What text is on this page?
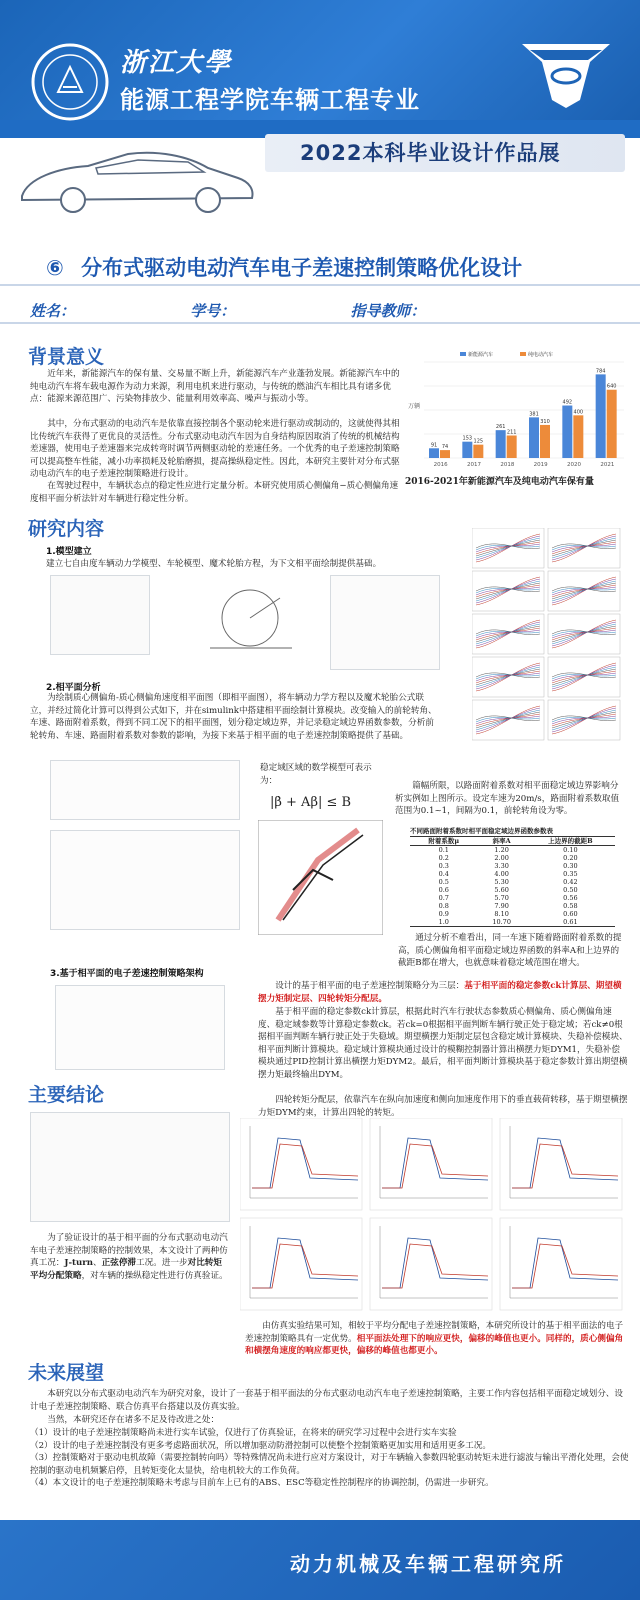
浙江大學
能源工程学院车辆工程专业
2022本科毕业设计作品展
⑥ 分布式驱动电动汽车电子差速控制策略优化设计
姓名：	学号：	指导教师：
背景意义
近年来，新能源汽车的保有量、交易量不断上升，新能源汽车产业蓬勃发展。新能源汽车中的纯电动汽车将车载电源作为动力来源，利用电机来进行驱动，与传统的燃油汽车相比具有诸多优点：能源来源范围广、污染物排放少、能量利用效率高、噪声与振动小等。
其中，分布式驱动的电动汽车是依靠直接控制各个驱动轮来进行驱动或制动的，这就使得其相比传统汽车获得了更优良的灵活性。分布式驱动电动汽车因为自身结构原因取消了传统的机械结构差速器，使用电子差速器来完成转弯时调节两侧驱动轮的差速任务。一个优秀的电子差速控制策略可以提高整车性能，减小功率损耗及轮胎磨损，提高操纵稳定性。因此，本研究主要针对分布式驱动电动汽车的电子差速控制策略进行设计。
在驾驶过程中，车辆状态点的稳定性应进行定量分析。本研究使用质心侧偏角−质心侧偏角速度相平面分析法针对车辆进行稳定性分析。
万辆
91 74
2016
153 125
2017
261
211
2018
381
310
2019
492
400
2020
784
640
2021
新能源汽车	纯电动汽车
2016-2021年新能源汽车及纯电动汽车保有量
研究内容
1.模型建立
建立七自由度车辆动力学模型、车轮模型、魔术轮胎方程，为下文相平面绘制提供基础。
2.相平面分析
为绘制质心侧偏角-质心侧偏角速度相平面图（即相平面图），将车辆动力学方程以及魔术轮胎公式联立，并经过简化计算可以得到公式如下，并在simulink中搭建相平面绘制计算模块。改变输入的前轮转角、车速、路面附着系数，得到不同工况下的相平面图，划分稳定域边界，并记录稳定域边界函数参数，分析前轮转角、车速、路面附着系数对参数的影响，为接下来基于相平面的电子差速控制策略提供了基础。
稳定域区域的数学模型可表示为：
|β̇ + Aβ| ≤ B
篇幅所限，以路面附着系数对相平面稳定域边界影响分析实例如上图所示。设定车速为20m/s，路面附着系数取值范围为0.1~1，间隔为0.1，前轮转角设为零。
不同路面附着系数时相平面稳定域边界函数参数表
附着系数μ	斜率A	上边界的截距B
0.1	1.20	0.10
0.2	2.00	0.20
0.3	3.30	0.30
0.4	4.00	0.35
0.5	5.30	0.42
0.6	5.60	0.50
0.7	5.70	0.56
0.8	7.90	0.58
0.9	8.10	0.60
1.0	10.70	0.61
通过分析不难看出，同一车速下随着路面附着系数的提高，质心侧偏角相平面稳定域边界函数的斜率A和上边界的截距B都在增大，也就意味着稳定域范围在增大。
3.基于相平面的电子差速控制策略架构
设计的基于相平面的电子差速控制策略分为三层：基于相平面的稳定参数ck计算层、期望横摆力矩制定层、四轮转矩分配层。
基于相平面的稳定参数ck计算层，根据此时汽车行驶状态参数质心侧偏角、质心侧偏角速度、稳定域参数等计算稳定参数ck。若ck=0根据相平面判断车辆行驶正处于稳定域；若ck≠0根据相平面判断车辆行驶正处于失稳域。期望横摆力矩制定层包含稳定域计算模块、失稳补偿模块、相平面判断计算模块。稳定域计算模块通过设计的模糊控制器计算出横摆力矩DYM1，失稳补偿模块通过PID控制计算出横摆力矩DYM2。最后，相平面判断计算模块基于稳定参数计算出期望横摆力矩最终输出DYM。
四轮转矩分配层，依靠汽车在纵向加速度和侧向加速度作用下的垂直载荷转移，基于期望横摆力矩DYM约束，计算出四轮的转矩。
主要结论
为了验证设计的基于相平面的分布式驱动电动汽车电子差速控制策略的控制效果，本文设计了两种仿真工况：J-turn、正弦停滞工况。进一步对比转矩平均分配策略，对车辆的操纵稳定性进行仿真验证。
由仿真实验结果可知，相较于平均分配电子差速控制策略，本研究所设计的基于相平面法的电子差速控制策略具有一定优势。相平面法处理下的响应更快，偏移的峰值也更小。同样的，质心侧偏角和横摆角速度的响应都更快，偏移的峰值也都更小。
未来展望
本研究以分布式驱动电动汽车为研究对象，设计了一套基于相平面法的分布式驱动电动汽车电子差速控制策略，主要工作内容包括相平面稳定域划分、设计电子差速控制策略、联合仿真平台搭建以及仿真实验。
当然，本研究还存在诸多不足及待改进之处：
（1）设计的电子差速控制策略尚未进行实车试验，仅进行了仿真验证，在将来的研究学习过程中会进行实车实验
（2）设计的电子差速控制没有更多考虑路面状况，所以增加驱动防滑控制可以使整个控制策略更加实用和适用更多工况。
（3）控制策略对于驱动电机故障（需要控制转向吗）等特殊情况尚未进行应对方案设计，对于车辆输入参数四轮驱动转矩未进行滤波与输出平滑化处理，会使控制的驱动电机频繁启停，且转矩变化太显快，给电机较大的工作负荷。
（4）本文设计的电子差速控制策略未考虑与目前车上已有的ABS、ESC等稳定性控制程序的协调控制，仍需进一步研究。
动力机械及车辆工程研究所
